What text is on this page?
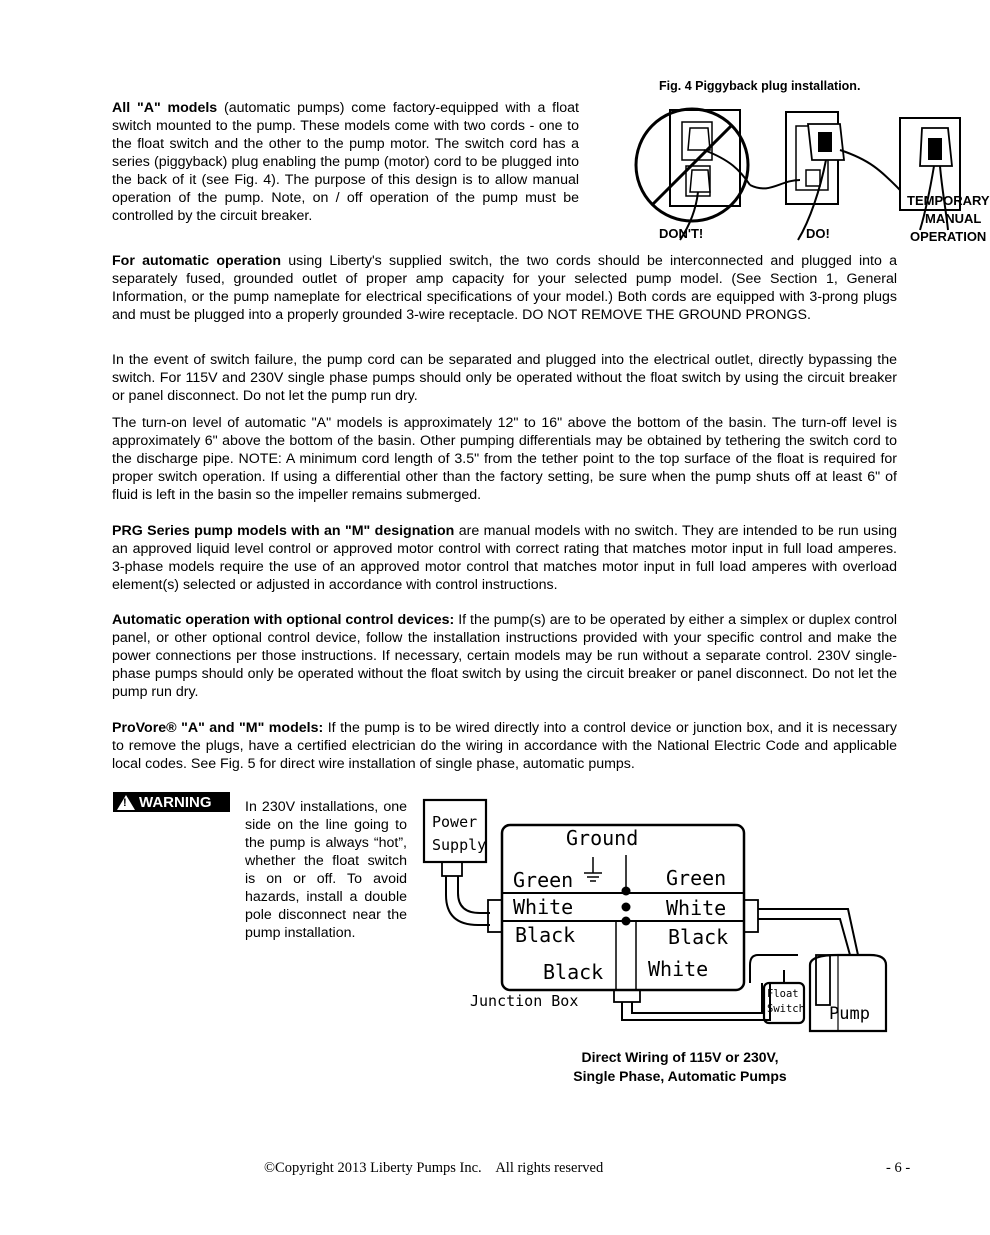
Fig. 4 Piggyback plug installation.
DON'T!	DO!
TEMPORARY
MANUAL
OPERATION

All "A" models (automatic pumps) come factory-equipped with a float switch mounted to the pump. These models come with two cords - one to the float switch and the other to the pump motor. The switch cord has a series (piggyback) plug enabling the pump (motor) cord to be plugged into the back of it (see Fig. 4). The purpose of this design is to allow manual operation of the pump. Note, on / off operation of the pump must be controlled by the circuit breaker.

For automatic operation using Liberty's supplied switch, the two cords should be interconnected and plugged into a separately fused, grounded outlet of proper amp capacity for your selected pump model. (See Section 1, General Information, or the pump nameplate for electrical specifications of your model.) Both cords are equipped with 3-prong plugs and must be plugged into a properly grounded 3-wire receptacle. DO NOT REMOVE THE GROUND PRONGS.

In the event of switch failure, the pump cord can be separated and plugged into the electrical outlet, directly bypassing the switch. For 115V and 230V single phase pumps should only be operated without the float switch by using the circuit breaker or panel disconnect. Do not let the pump run dry.

The turn-on level of automatic "A" models is approximately 12" to 16" above the bottom of the basin. The turn-off level is approximately 6" above the bottom of the basin. Other pumping differentials may be obtained by tethering the switch cord to the discharge pipe. NOTE: A minimum cord length of 3.5" from the tether point to the top surface of the float is required for proper switch operation. If using a differential other than the factory setting, be sure when the pump shuts off at least 6" of fluid is left in the basin so the impeller remains submerged.

PRG Series pump models with an "M" designation are manual models with no switch. They are intended to be run using an approved liquid level control or approved motor control with correct rating that matches motor input in full load amperes. 3-phase models require the use of an approved motor control that matches motor input in full load amperes with overload element(s) selected or adjusted in accordance with control instructions.

Automatic operation with optional control devices: If the pump(s) are to be operated by either a simplex or duplex control panel, or other optional control device, follow the installation instructions provided with your specific control and make the power connections per those instructions. If necessary, certain models may be run without a separate control. 230V single-phase pumps should only be operated without the float switch by using the circuit breaker or panel disconnect. Do not let the pump run dry.

ProVore® "A" and "M" models: If the pump is to be wired directly into a control device or junction box, and it is necessary to remove the plugs, have a certified electrician do the wiring in accordance with the National Electric Code and applicable local codes. See Fig. 5 for direct wire installation of single phase, automatic pumps.

! WARNING In 230V installations, one side on the line going to the pump is always “hot”, whether the float switch is on or off. To avoid hazards, install a double pole disconnect near the pump installation.

Power
Supply	Ground
Green
White
Black
Black
Green
White
Black
White
Junction Box	Float
Switch Pump
Direct Wiring of 115V or 230V,
Single Phase, Automatic Pumps
©Copyright 2013 Liberty Pumps Inc.    All rights reserved	- 6 -
